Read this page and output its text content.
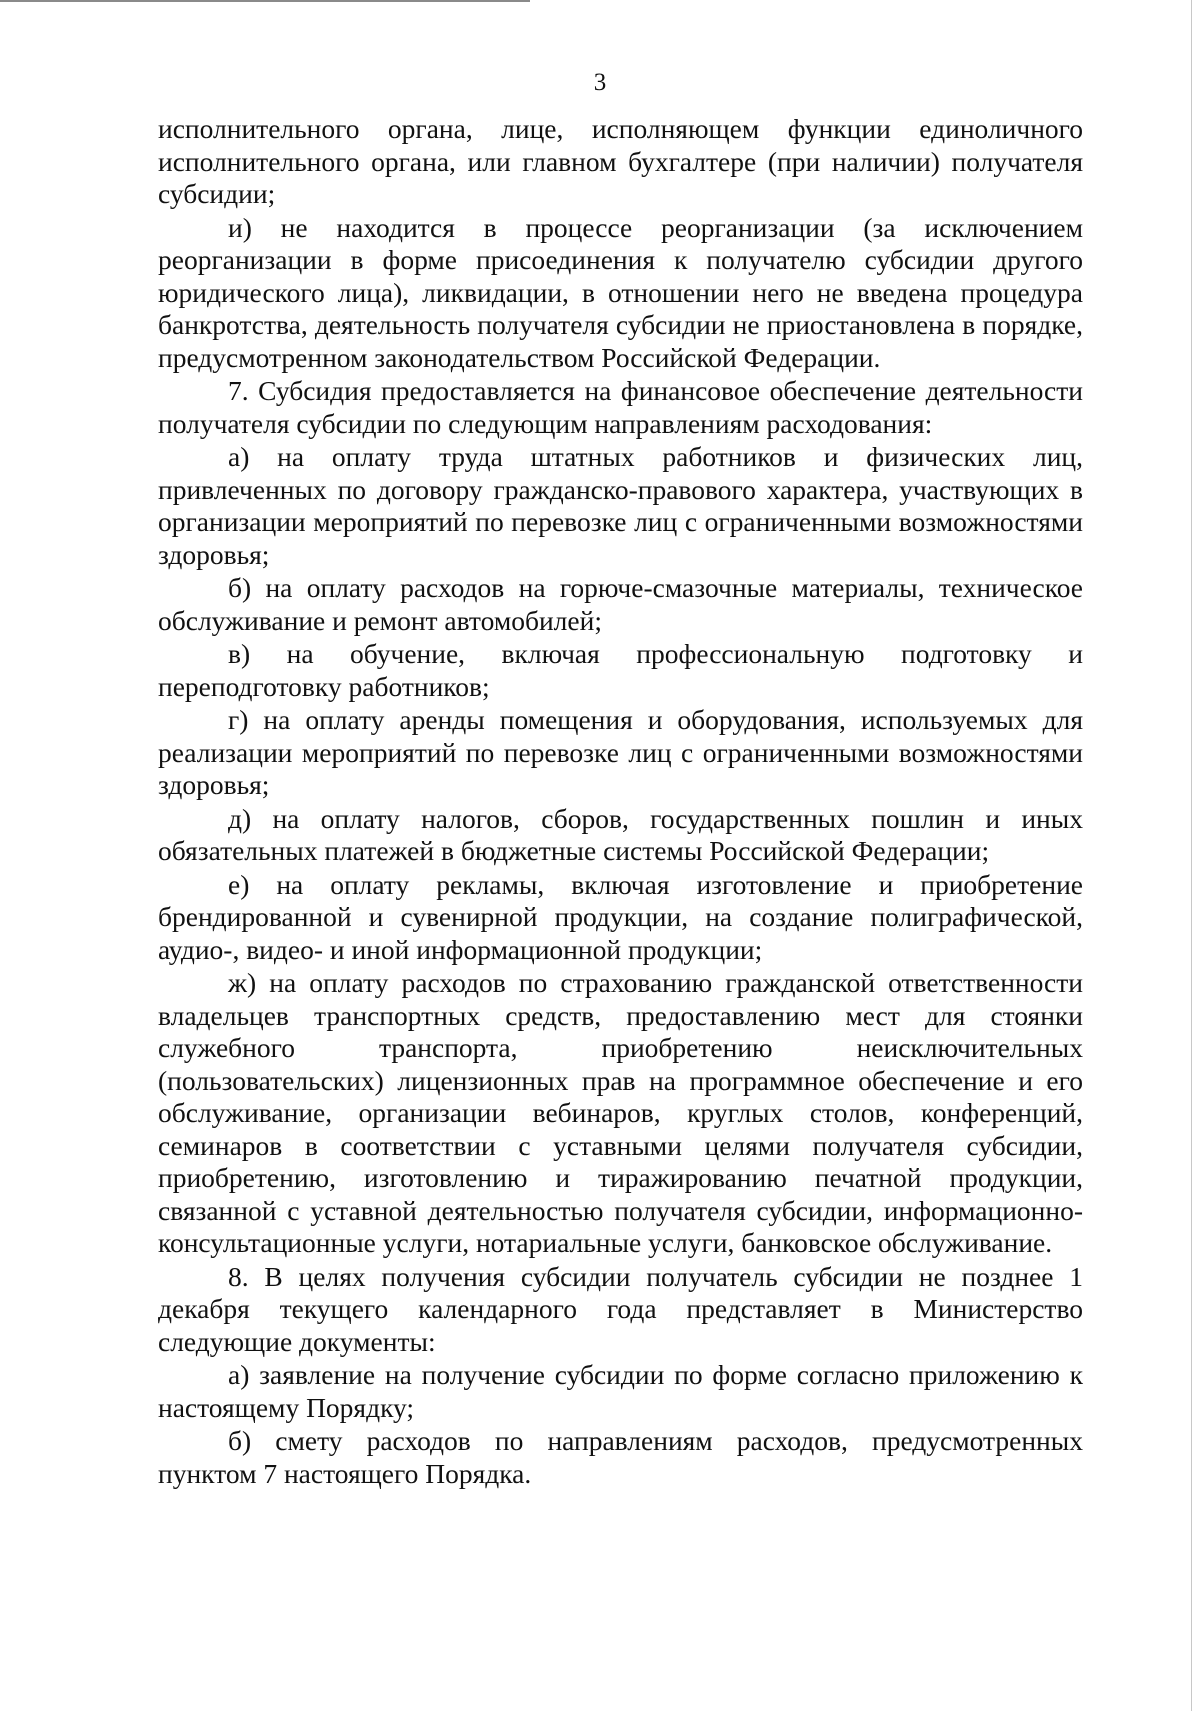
3

исполнительного органа, лице, исполняющем функции единоличного исполнительного органа, или главном бухгалтере (при наличии) получателя субсидии;

и) не находится в процессе реорганизации (за исключением реорганизации в форме присоединения к получателю субсидии другого юридического лица), ликвидации, в отношении него не введена процедура банкротства, деятельность получателя субсидии не приостановлена в порядке, предусмотренном законодательством Российской Федерации.

7. Субсидия предоставляется на финансовое обеспечение деятельности получателя субсидии по следующим направлениям расходования:

а) на оплату труда штатных работников и физических лиц, привлеченных по договору гражданско-правового характера, участвующих в организации мероприятий по перевозке лиц с ограниченными возможностями здоровья;

б) на оплату расходов на горюче-смазочные материалы, техническое обслуживание и ремонт автомобилей;

в) на обучение, включая профессиональную подготовку и переподготовку работников;

г) на оплату аренды помещения и оборудования, используемых для реализации мероприятий по перевозке лиц с ограниченными возможностями здоровья;

д) на оплату налогов, сборов, государственных пошлин и иных обязательных платежей в бюджетные системы Российской Федерации;

е) на оплату рекламы, включая изготовление и приобретение брендированной и сувенирной продукции, на создание полиграфической, аудио-, видео- и иной информационной продукции;

ж) на оплату расходов по страхованию гражданской ответственности владельцев транспортных средств, предоставлению мест для стоянки служебного транспорта, приобретению неисключительных (пользовательских) лицензионных прав на программное обеспечение и его обслуживание, организации вебинаров, круглых столов, конференций, семинаров в соответствии с уставными целями получателя субсидии, приобретению, изготовлению и тиражированию печатной продукции, связанной с уставной деятельностью получателя субсидии, информационно-консультационные услуги, нотариальные услуги, банковское обслуживание.

8. В целях получения субсидии получатель субсидии не позднее 1 декабря текущего календарного года представляет в Министерство следующие документы:

а) заявление на получение субсидии по форме согласно приложению к настоящему Порядку;

б) смету расходов по направлениям расходов, предусмотренных пунктом 7 настоящего Порядка.
